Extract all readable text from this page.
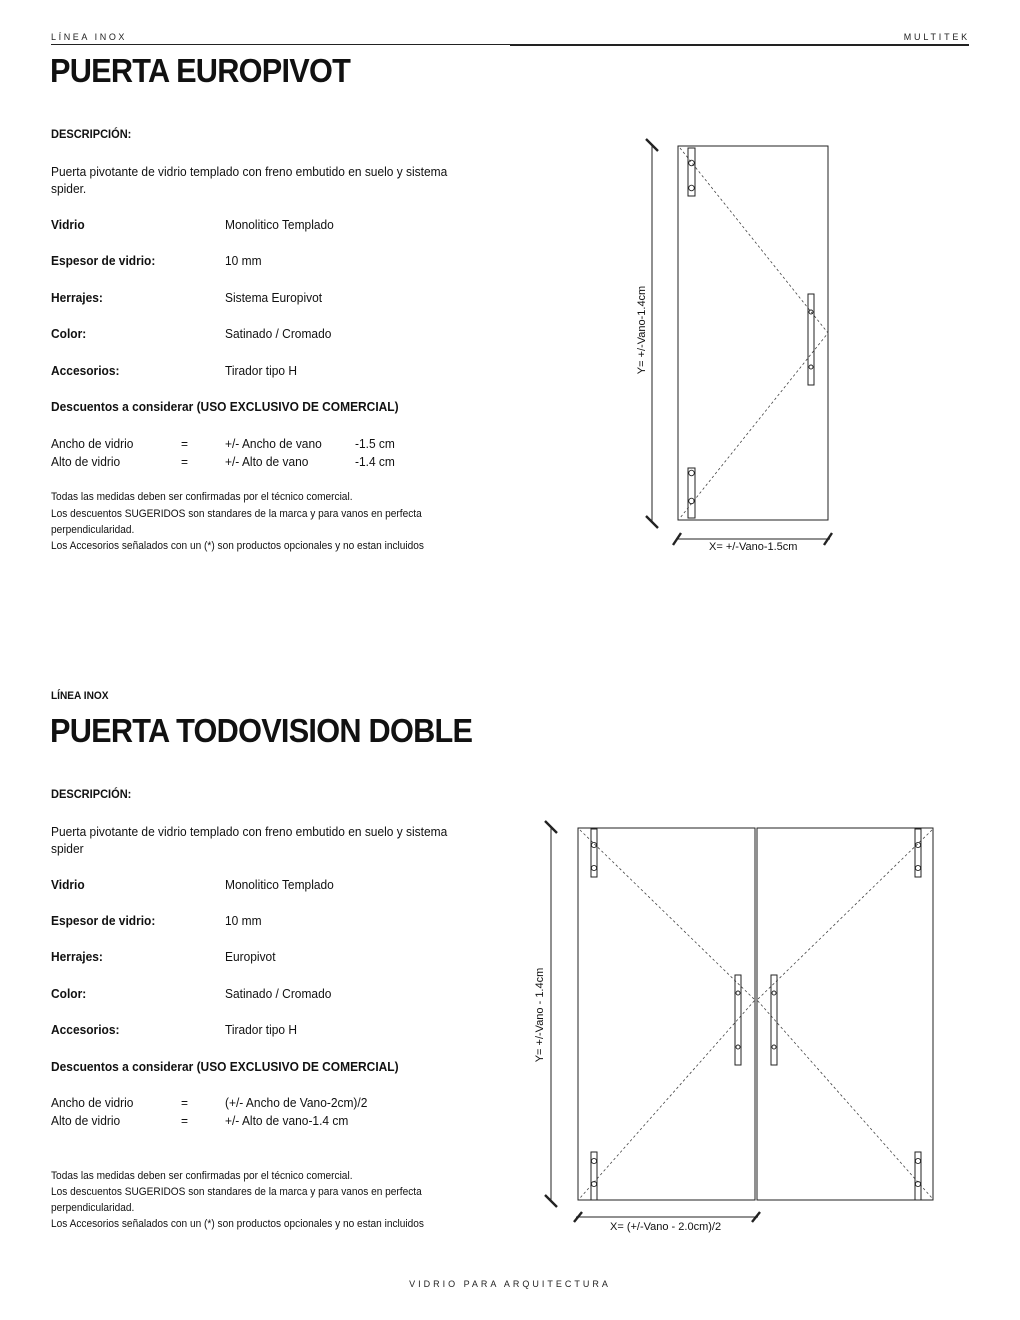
LÍNEA INOX	MULTITEK
PUERTA EUROPIVOT
DESCRIPCIÓN:
Puerta pivotante de vidrio templado con freno embutido en suelo y sistema spider.
Vidrio	Monolitico Templado
Espesor de vidrio:	10 mm
Herrajes:	Sistema Europivot
Color:	Satinado / Cromado
Accesorios:	Tirador tipo H
Descuentos a considerar (USO EXCLUSIVO DE COMERCIAL)
Ancho de vidrio	=	+/- Ancho de vano	-1.5 cm
Alto de vidrio	=	+/- Alto de vano	-1.4 cm
Todas las medidas deben ser confirmadas por el técnico comercial.
Los descuentos SUGERIDOS son standares de la marca y para vanos en perfecta perpendicularidad.
Los Accesorios señalados con un (*) son productos opcionales y no estan incluidos
Y= +/-Vano-1.4cm
X= +/-Vano-1.5cm
LÍNEA INOX
PUERTA TODOVISION DOBLE
DESCRIPCIÓN:
Puerta pivotante de vidrio templado con freno embutido en suelo y sistema spider
Vidrio	Monolitico Templado
Espesor de vidrio:	10 mm
Herrajes:	Europivot
Color:	Satinado / Cromado
Accesorios:	Tirador tipo H
Descuentos a considerar (USO EXCLUSIVO DE COMERCIAL)
Ancho de vidrio	=	(+/- Ancho de Vano-2cm)/2
Alto de vidrio	=	+/- Alto de vano-1.4 cm
Todas las medidas deben ser confirmadas por el técnico comercial.
Los descuentos SUGERIDOS son standares de la marca y para vanos en perfecta perpendicularidad.
Los Accesorios señalados con un (*) son productos opcionales y no estan incluidos
Y= +/-Vano - 1.4cm
X= (+/-Vano - 2.0cm)/2
VIDRIO PARA ARQUITECTURA
